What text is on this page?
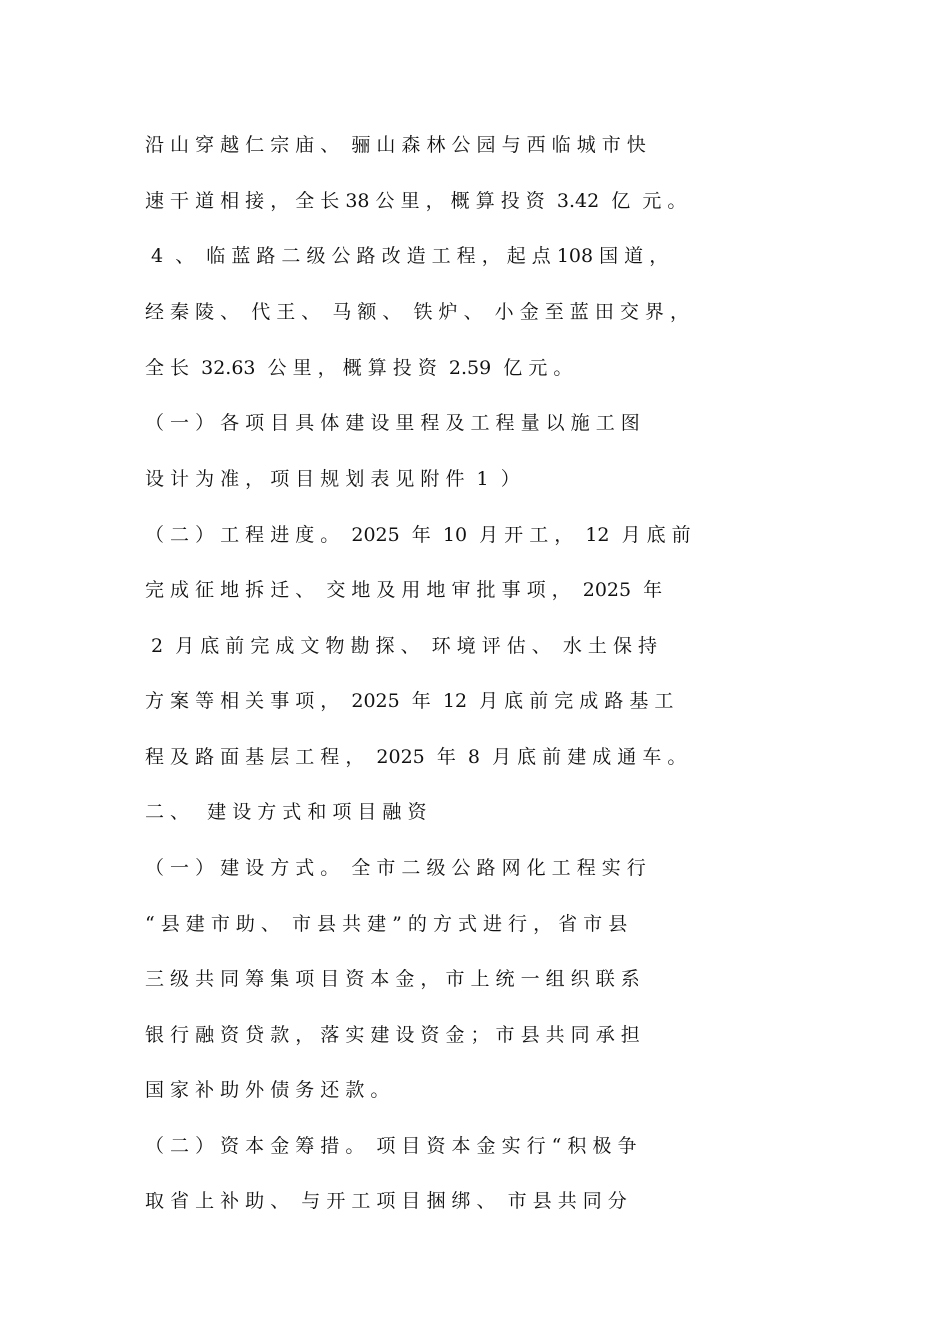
沿 山 穿 越 仁 宗 庙 、  骊 山 森 林 公 园 与 西 临 城 市 快
速 干 道 相 接 ， 全 长 38 公 里 ， 概 算 投 资  3.42  亿  元 。
4  、  临 蓝 路 二 级 公 路 改 造 工 程 ， 起 点 108 国 道 ，
经 秦 陵 、  代 王 、  马 额 、  铁 炉 、  小 金 至 蓝 田 交 界 ，
全 长  32.63  公 里 ， 概 算 投 资  2.59  亿 元 。
（ 一 ） 各 项 目 具 体 建 设 里 程 及 工 程 量 以 施 工 图
设 计 为 准 ， 项 目 规 划 表 见 附 件  1  ）
（ 二 ） 工 程 进 度 。  2025  年  10  月 开 工 ，  12  月 底 前
完 成 征 地 拆 迁 、  交 地 及 用 地 审 批 事 项 ，  2025  年
2  月 底 前 完 成 文 物 勘 探 、  环 境 评 估 、  水 土 保 持
方 案 等 相 关 事 项 ，  2025  年  12  月 底 前 完 成 路 基 工
程 及 路 面 基 层 工 程 ，  2025  年  8  月 底 前 建 成 通 车 。
二 、   建 设 方 式 和 项 目 融 资
（ 一 ） 建 设 方 式 。  全 市 二 级 公 路 网 化 工 程 实 行
“ 县 建 市 助 、  市 县 共 建 ” 的 方 式 进 行 ， 省 市 县
三 级 共 同 筹 集 项 目 资 本 金 ， 市 上 统 一 组 织 联 系
银 行 融 资 贷 款 ， 落 实 建 设 资 金 ； 市 县 共 同 承 担
国 家 补 助 外 债 务 还 款 。
（ 二 ） 资 本 金 筹 措 。  项 目 资 本 金 实 行 “ 积 极 争
取 省 上 补 助 、  与 开 工 项 目 捆 绑 、  市 县 共 同 分
